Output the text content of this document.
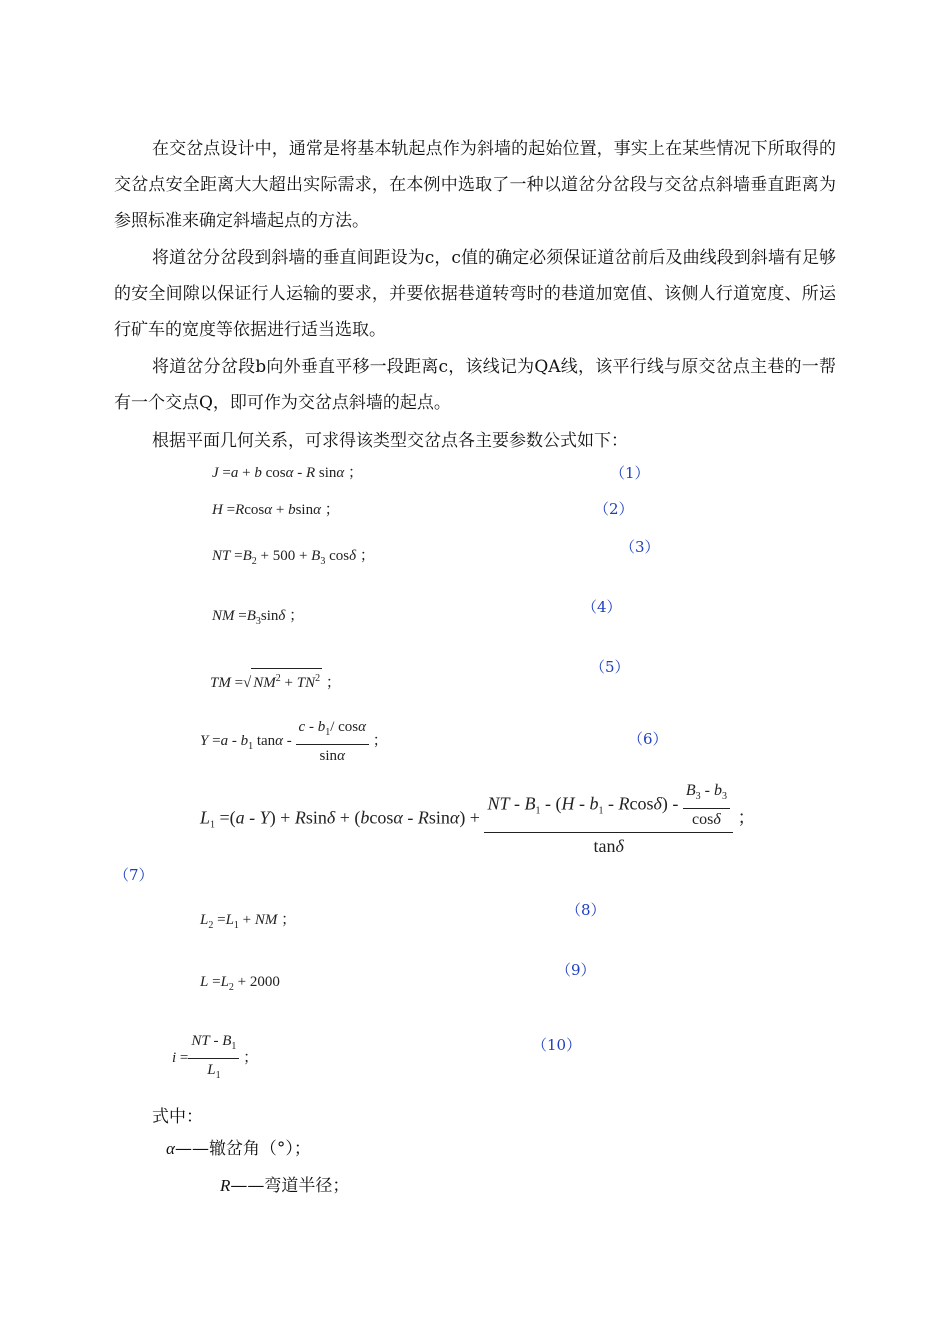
在交岔点设计中，通常是将基本轨起点作为斜墙的起始位置，事实上在某些情况下所取得的交岔点安全距离大大超出实际需求，在本例中选取了一种以道岔分岔段与交岔点斜墙垂直距离为参照标准来确定斜墙起点的方法。

将道岔分岔段到斜墙的垂直间距设为c，c值的确定必须保证道岔前后及曲线段到斜墙有足够的安全间隙以保证行人运输的要求，并要依据巷道转弯时的巷道加宽值、该侧人行道宽度、所运行矿车的宽度等依据进行适当选取。

将道岔分岔段b向外垂直平移一段距离c，该线记为QA线，该平行线与原交岔点主巷的一帮有一个交点Q，即可作为交岔点斜墙的起点。

根据平面几何关系，可求得该类型交岔点各主要参数公式如下：

J =a + b cosα - R sinα ；	（1）
H =Rcosα + bsinα ；	（2）
NT $=B_2 + 500 + B_3$ cosδ ；	（3）
NM $=B_3\sin\delta$ ；	（4）
TM =√ $NM^2 + TN^2$ ；
（5）
$Y =a - b_1$ tanα - $\frac{c - b_1/ \cos\alpha}{\sin\alpha}$ ；	（6）
$L_1 =(a - Y) + Rsin\delta + (bcos\alpha - Rsin\alpha) + \frac{NT - B_1 - (H - b_1 - Rcos\delta) - \frac{B_3 - b_3}{\cos\delta}}{\tan\delta}$ ；
（7）
$L_2 =L_1$ + NM ；
（8）
$L =L_2 + 2000$
（9）
$i = \frac{NT - B_1}{L_1}$ ；
（10）
式中：
α——辙岔角（°）；
R——弯道半径；
